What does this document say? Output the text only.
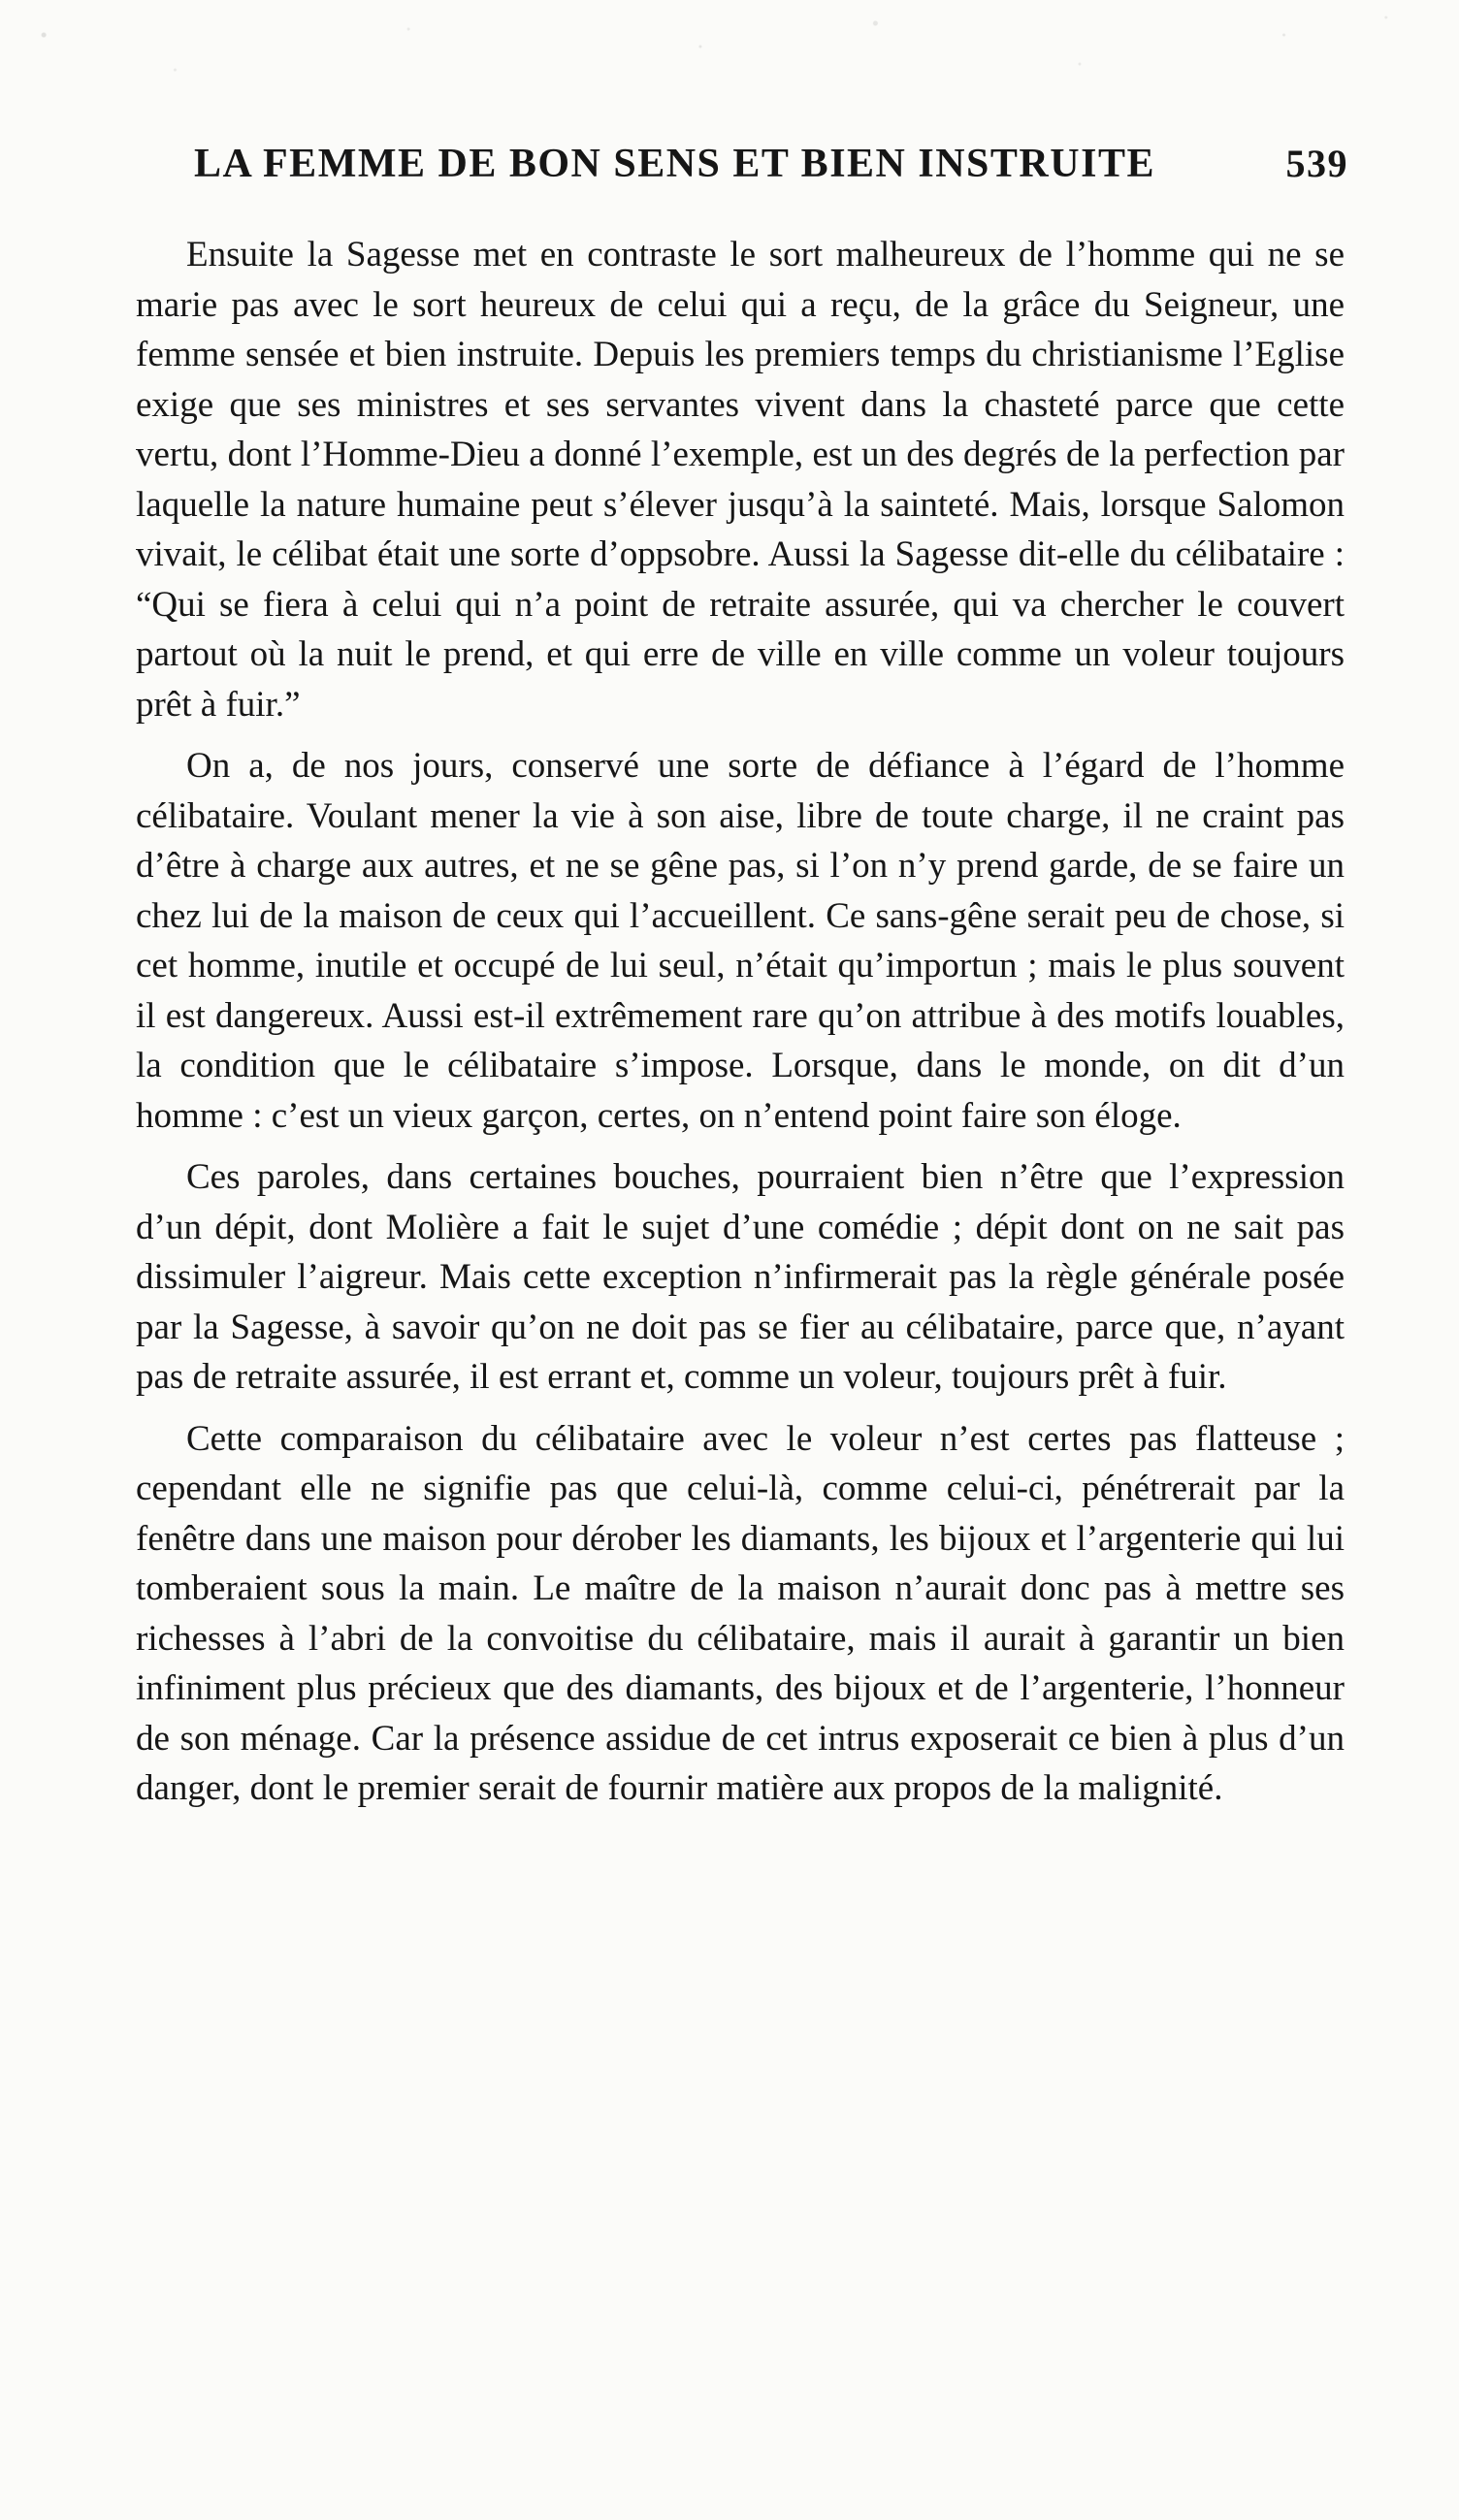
LA FEMME DE BON SENS ET BIEN INSTRUITE	539

Ensuite la Sagesse met en contraste le sort malheureux de l’homme qui ne se marie pas avec le sort heureux de celui qui a reçu, de la grâce du Seigneur, une femme sensée et bien instruite. Depuis les premiers temps du christianisme l’Eglise exige que ses ministres et ses servantes vivent dans la chasteté parce que cette vertu, dont l’Homme-Dieu a donné l’exemple, est un des degrés de la perfection par laquelle la nature humaine peut s’élever jusqu’à la sainteté. Mais, lorsque Salomon vivait, le célibat était une sorte d’oppsobre. Aussi la Sagesse dit-elle du célibataire : “Qui se fiera à celui qui n’a point de retraite assurée, qui va chercher le couvert partout où la nuit le prend, et qui erre de ville en ville comme un voleur toujours prêt à fuir.”

On a, de nos jours, conservé une sorte de défiance à l’égard de l’homme célibataire. Voulant mener la vie à son aise, libre de toute charge, il ne craint pas d’être à charge aux autres, et ne se gêne pas, si l’on n’y prend garde, de se faire un chez lui de la maison de ceux qui l’accueillent. Ce sans-gêne serait peu de chose, si cet homme, inutile et occupé de lui seul, n’était qu’importun ; mais le plus souvent il est dangereux. Aussi est-il extrêmement rare qu’on attribue à des motifs louables, la condition que le célibataire s’impose. Lorsque, dans le monde, on dit d’un homme : c’est un vieux garçon, certes, on n’entend point faire son éloge.

Ces paroles, dans certaines bouches, pourraient bien n’être que l’expression d’un dépit, dont Molière a fait le sujet d’une comédie ; dépit dont on ne sait pas dissimuler l’aigreur. Mais cette exception n’infirmerait pas la règle générale posée par la Sagesse, à savoir qu’on ne doit pas se fier au célibataire, parce que, n’ayant pas de retraite assurée, il est errant et, comme un voleur, toujours prêt à fuir.

Cette comparaison du célibataire avec le voleur n’est certes pas flatteuse ; cependant elle ne signifie pas que celui-là, comme celui-ci, pénétrerait par la fenêtre dans une maison pour dérober les diamants, les bijoux et l’argenterie qui lui tomberaient sous la main. Le maître de la maison n’aurait donc pas à mettre ses richesses à l’abri de la convoitise du célibataire, mais il aurait à garantir un bien infiniment plus précieux que des diamants, des bijoux et de l’argenterie, l’honneur de son ménage. Car la présence assidue de cet intrus exposerait ce bien à plus d’un danger, dont le premier serait de fournir matière aux propos de la malignité.
